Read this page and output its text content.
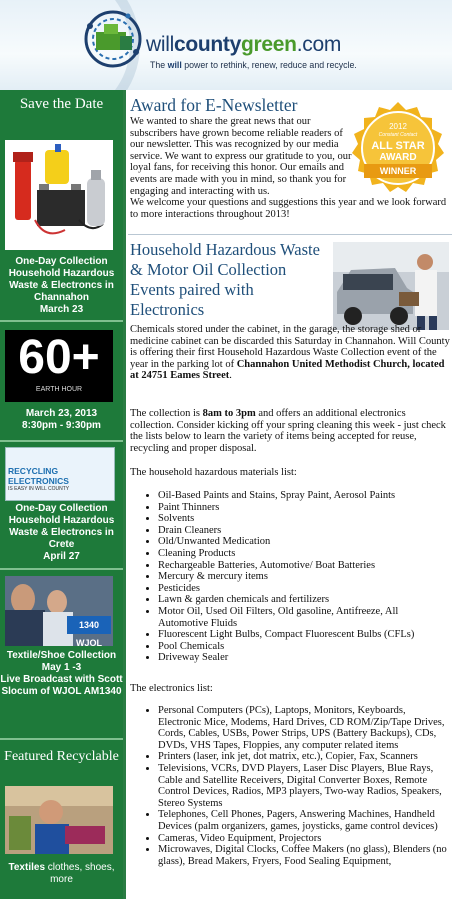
willcountygreen.com
The will power to rethink, renew, reduce and recycle.
Save the Date
One-Day Collection Household Hazardous Waste & Electroncs in Channahon
March 23
60+
EARTH HOUR
March 23, 2013
8:30pm - 9:30pm
RECYCLING ELECTRONICS
IS EASY IN WILL COUNTY
One-Day Collection Household Hazardous Waste & Electroncs in Crete
April 27
1340 WJOL
Textile/Shoe Collection
May 1 -3
Live Broadcast with Scott Slocum of WJOL AM1340
Featured Recyclable
Textiles clothes, shoes, more
Award for E-Newsletter
We wanted to share the great news that our subscribers have grown become reliable readers of our newsletter. This was recognized by our media service. We want to express our gratitude to you, our loyal fans, for receiving this honor. Our emails and events are made with you in mind, so thank you for engaging and interacting with us.
We welcome your questions and suggestions this year and we look forward to more interactions throughout 2013!
2012
Constant Contact
ALL STAR
AWARD
WINNER
Household Hazardous Waste & Motor Oil Collection Events paired with Electronics
Chemicals stored under the cabinet, in the garage, the storage shed or medicine cabinet can be discarded this Saturday in Channahon. Will County is offering their first Household Hazardous Waste Collection event of the year in the parking lot of Channahon United Methodist Church, located at 24751 Eames Street.
The collection is 8am to 3pm and offers an additional electronics collection. Consider kicking off your spring cleaning this week - just check the lists below to learn the variety of items being accepted for reuse, recycling and proper disposal.
The household hazardous materials list:
• Oil-Based Paints and Stains, Spray Paint, Aerosol Paints
• Paint Thinners
• Solvents
• Drain Cleaners
• Old/Unwanted Medication
• Cleaning Products
• Rechargeable Batteries, Automotive/ Boat Batteries
• Mercury & mercury items
• Pesticides
• Lawn & garden chemicals and fertilizers
• Motor Oil, Used Oil Filters, Old gasoline, Antifreeze, All Automotive Fluids
• Fluorescent Light Bulbs, Compact Fluorescent Bulbs (CFLs)
• Pool Chemicals
• Driveway Sealer
The electronics list:
• Personal Computers (PCs), Laptops, Monitors, Keyboards, Electronic Mice, Modems, Hard Drives, CD ROM/Zip/Tape Drives, Cords, Cables, USBs, Power Strips, UPS (Battery Backups), CDs, DVDs, VHS Tapes, Floppies, any computer related items
• Printers (laser, ink jet, dot matrix, etc.), Copier, Fax, Scanners
• Televisions, VCRs, DVD Players, Laser Disc Players, Blue Rays, Cable and Satellite Receivers, Digital Converter Boxes, Remote Control Devices, Radios, MP3 players, Two-way Radios, Speakers, Stereo Systems
• Telephones, Cell Phones, Pagers, Answering Machines, Handheld Devices (palm organizers, games, joysticks, game control devices)
• Cameras, Video Equipment, Projectors
• Microwaves, Digital Clocks, Coffee Makers (no glass), Blenders (no glass), Bread Makers, Fryers, Food Sealing Equipment,
